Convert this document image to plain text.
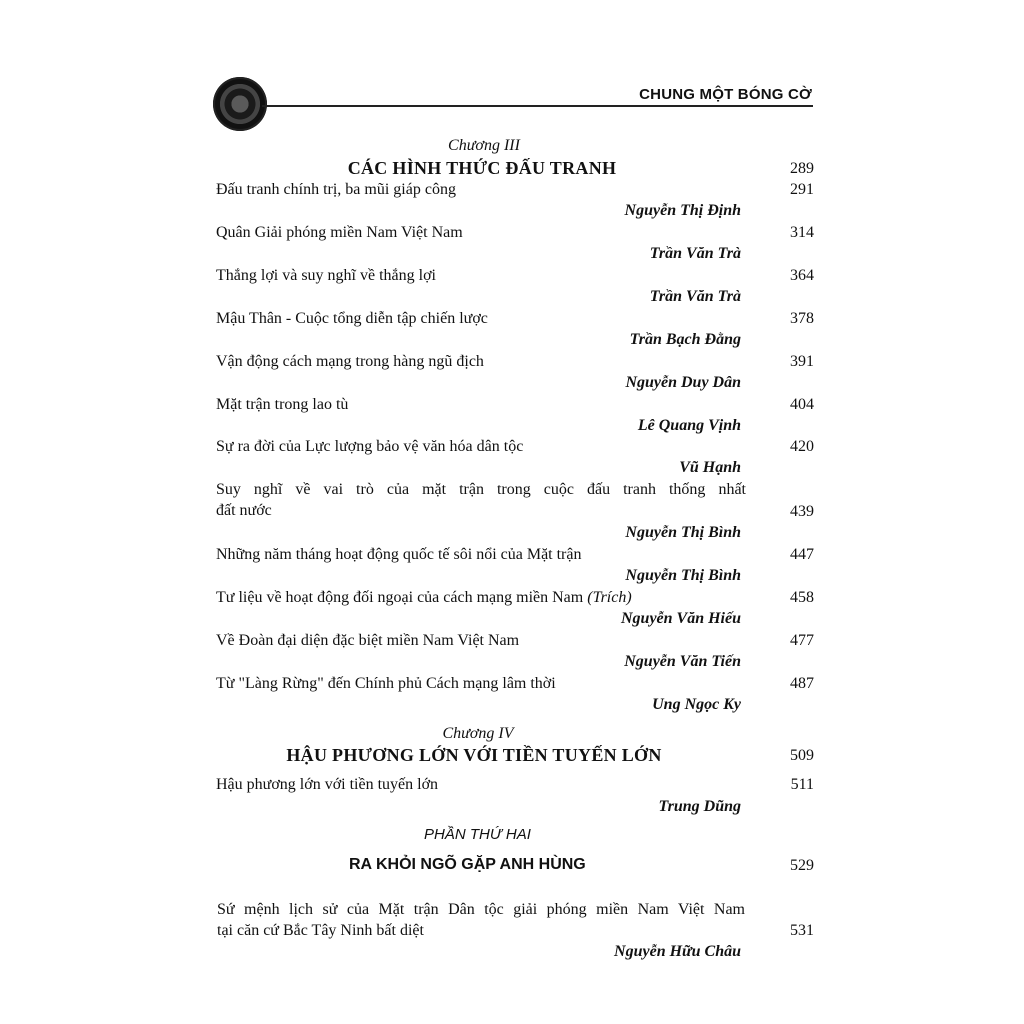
CHUNG MỘT BÓNG CỜ
Chương III
CÁC HÌNH THỨC ĐẤU TRANH	289
Đấu tranh chính trị, ba mũi giáp công	291
Nguyễn Thị Định
Quân Giải phóng miền Nam Việt Nam	314
Trần Văn Trà
Thắng lợi và suy nghĩ về thắng lợi	364
Trần Văn Trà
Mậu Thân - Cuộc tổng diễn tập chiến lược	378
Trần Bạch Đằng
Vận động cách mạng trong hàng ngũ địch	391
Nguyễn Duy Dân
Mặt trận trong lao tù	404
Lê Quang Vịnh
Sự ra đời của Lực lượng bảo vệ văn hóa dân tộc	420
Vũ Hạnh
Suy nghĩ về vai trò của mặt trận trong cuộc đấu tranh thống nhất
đất nước	439
Nguyễn Thị Bình
Những năm tháng hoạt động quốc tế sôi nổi của Mặt trận	447
Nguyễn Thị Bình
Tư liệu về hoạt động đối ngoại của cách mạng miền Nam (Trích)	458
Nguyễn Văn Hiếu
Về Đoàn đại diện đặc biệt miền Nam Việt Nam	477
Nguyễn Văn Tiến
Từ "Làng Rừng" đến Chính phủ Cách mạng lâm thời	487
Ung Ngọc Ky
Chương IV
HẬU PHƯƠNG LỚN VỚI TIỀN TUYẾN LỚN	509
Hậu phương lớn với tiền tuyến lớn	511
Trung Dũng
PHẦN THỨ HAI
RA KHỎI NGÕ GẶP ANH HÙNG	529
Sứ mệnh lịch sử của Mặt trận Dân tộc giải phóng miền Nam Việt Nam
tại căn cứ Bắc Tây Ninh bất diệt	531
Nguyễn Hữu Châu
